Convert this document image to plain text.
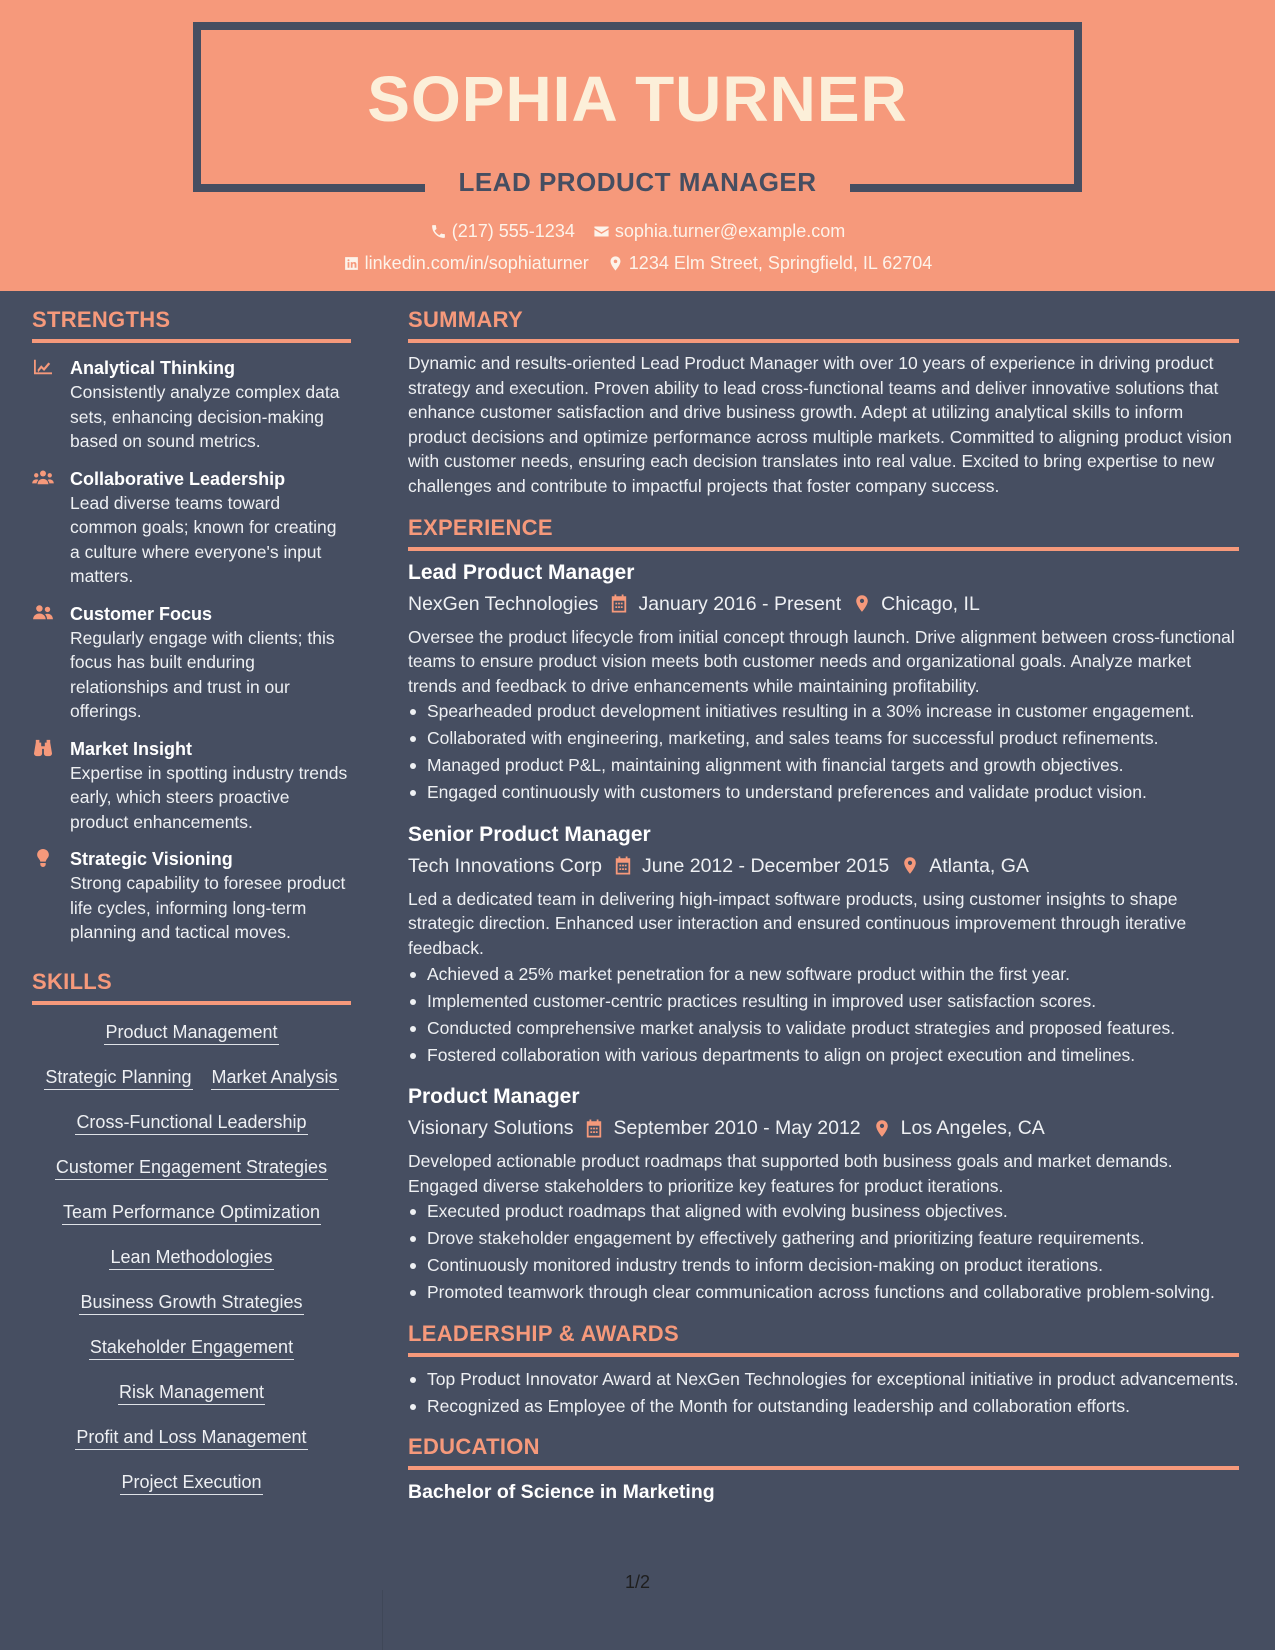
SOPHIA TURNER
LEAD PRODUCT MANAGER
(217) 555-1234 sophia.turner@example.com
linkedin.com/in/sophiaturner 1234 Elm Street, Springfield, IL 62704
STRENGTHS
Analytical Thinking
Consistently analyze complex data sets, enhancing decision-making based on sound metrics.
Collaborative Leadership
Lead diverse teams toward common goals; known for creating a culture where everyone's input matters.
Customer Focus
Regularly engage with clients; this focus has built enduring relationships and trust in our offerings.
Market Insight
Expertise in spotting industry trends early, which steers proactive product enhancements.
Strategic Visioning
Strong capability to foresee product life cycles, informing long-term planning and tactical moves.
SKILLS
Product Management
Strategic Planning Market Analysis
Cross-Functional Leadership
Customer Engagement Strategies
Team Performance Optimization
Lean Methodologies
Business Growth Strategies
Stakeholder Engagement
Risk Management
Profit and Loss Management
Project Execution
SUMMARY
Dynamic and results-oriented Lead Product Manager with over 10 years of experience in driving product strategy and execution. Proven ability to lead cross-functional teams and deliver innovative solutions that enhance customer satisfaction and drive business growth. Adept at utilizing analytical skills to inform product decisions and optimize performance across multiple markets. Committed to aligning product vision with customer needs, ensuring each decision translates into real value. Excited to bring expertise to new challenges and contribute to impactful projects that foster company success.
EXPERIENCE
Lead Product Manager
NexGen Technologies January 2016 - Present Chicago, IL
Oversee the product lifecycle from initial concept through launch. Drive alignment between cross-functional teams to ensure product vision meets both customer needs and organizational goals. Analyze market trends and feedback to drive enhancements while maintaining profitability.
Spearheaded product development initiatives resulting in a 30% increase in customer engagement.
Collaborated with engineering, marketing, and sales teams for successful product refinements.
Managed product P&L, maintaining alignment with financial targets and growth objectives.
Engaged continuously with customers to understand preferences and validate product vision.
Senior Product Manager
Tech Innovations Corp June 2012 - December 2015 Atlanta, GA
Led a dedicated team in delivering high-impact software products, using customer insights to shape strategic direction. Enhanced user interaction and ensured continuous improvement through iterative feedback.
Achieved a 25% market penetration for a new software product within the first year.
Implemented customer-centric practices resulting in improved user satisfaction scores.
Conducted comprehensive market analysis to validate product strategies and proposed features.
Fostered collaboration with various departments to align on project execution and timelines.
Product Manager
Visionary Solutions September 2010 - May 2012 Los Angeles, CA
Developed actionable product roadmaps that supported both business goals and market demands. Engaged diverse stakeholders to prioritize key features for product iterations.
Executed product roadmaps that aligned with evolving business objectives.
Drove stakeholder engagement by effectively gathering and prioritizing feature requirements.
Continuously monitored industry trends to inform decision-making on product iterations.
Promoted teamwork through clear communication across functions and collaborative problem-solving.
LEADERSHIP & AWARDS
Top Product Innovator Award at NexGen Technologies for exceptional initiative in product advancements.
Recognized as Employee of the Month for outstanding leadership and collaboration efforts.
EDUCATION
Bachelor of Science in Marketing
1/2
